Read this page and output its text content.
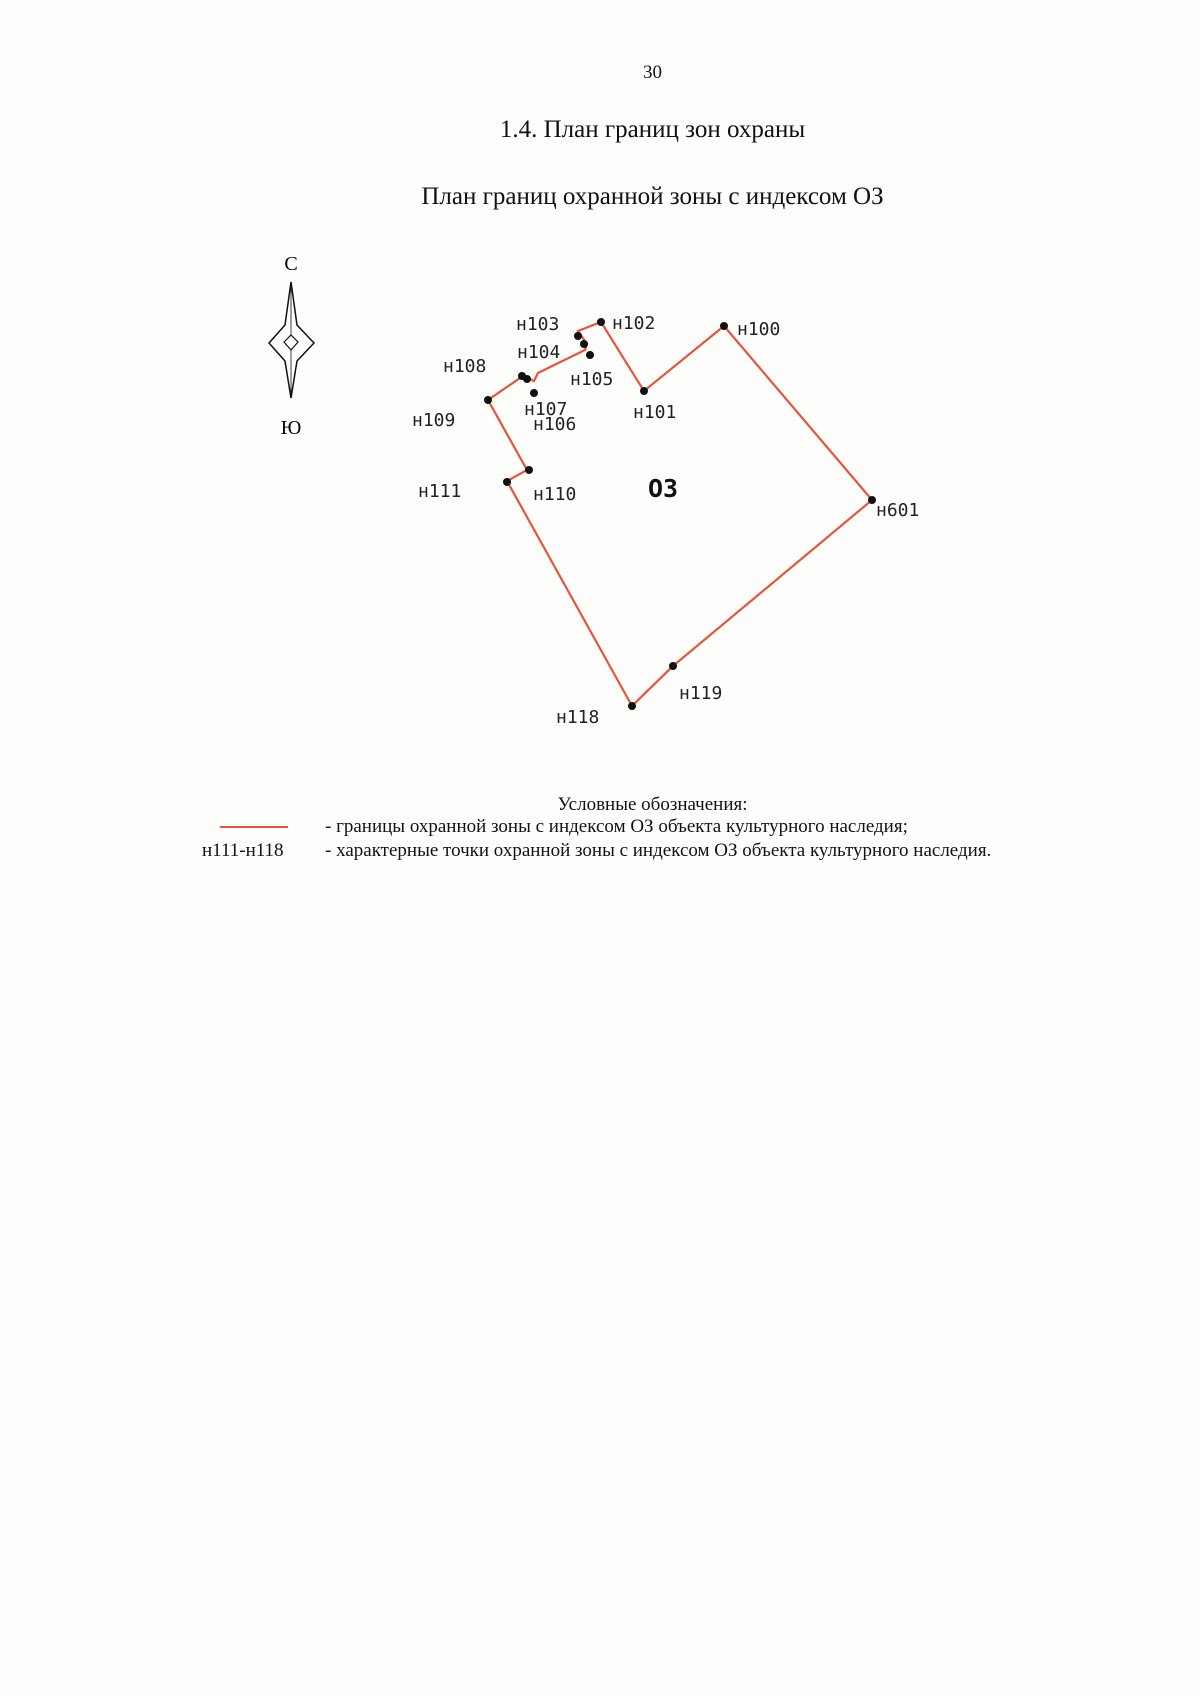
30
1.4. План границ зон охраны
План границ охранной зоны с индексом ОЗ
С
Ю
ОЗ
н100
н101
н102
н103
н104
н105
н106
н107
н108
н109
н110
н111
н118
н119
н601
Условные обозначения:
- границы охранной зоны с индексом ОЗ объекта культурного наследия;
н111-н118 - характерные точки охранной зоны с индексом ОЗ объекта культурного наследия.
